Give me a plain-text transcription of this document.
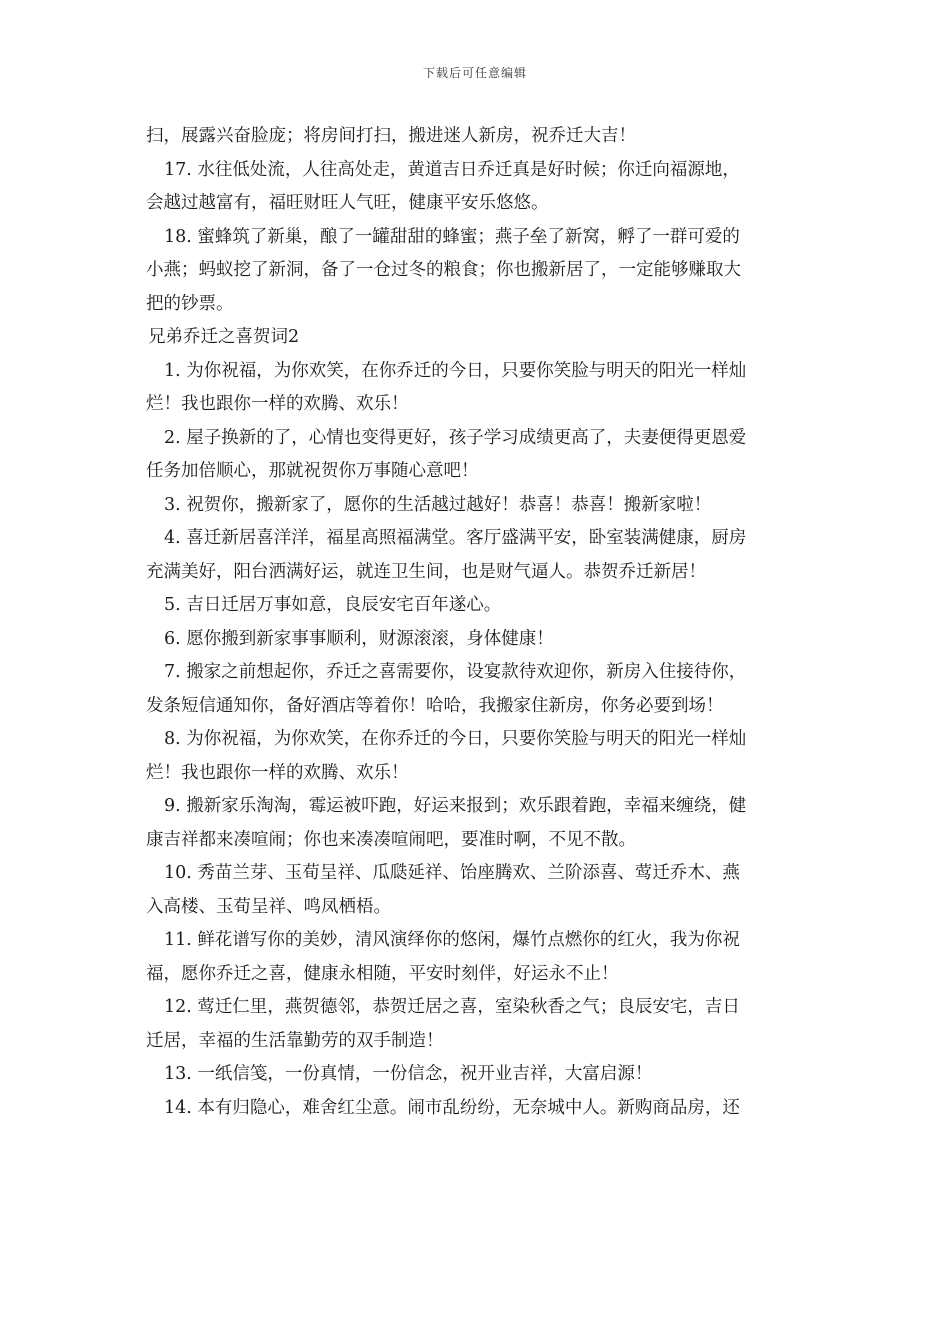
下载后可任意编辑
扫，展露兴奋脸庞；将房间打扫，搬进迷人新房，祝乔迁大吉！
17. 水往低处流，人往高处走，黄道吉日乔迁真是好时候；你迁向福源地，
会越过越富有，福旺财旺人气旺，健康平安乐悠悠。
18. 蜜蜂筑了新巢，酿了一罐甜甜的蜂蜜；燕子垒了新窝，孵了一群可爱的
小燕；蚂蚁挖了新洞，备了一仓过冬的粮食；你也搬新居了，一定能够赚取大
把的钞票。
兄弟乔迁之喜贺词2
1. 为你祝福，为你欢笑，在你乔迁的今日，只要你笑脸与明天的阳光一样灿
烂！我也跟你一样的欢腾、欢乐！
2. 屋子换新的了，心情也变得更好，孩子学习成绩更高了，夫妻便得更恩爱
任务加倍顺心，那就祝贺你万事随心意吧！
3. 祝贺你，搬新家了，愿你的生活越过越好！恭喜！恭喜！搬新家啦！
4. 喜迁新居喜洋洋，福星高照福满堂。客厅盛满平安，卧室装满健康，厨房
充满美好，阳台洒满好运，就连卫生间，也是财气逼人。恭贺乔迁新居！
5. 吉日迁居万事如意，良辰安宅百年遂心。
6. 愿你搬到新家事事顺利，财源滚滚，身体健康！
7. 搬家之前想起你，乔迁之喜需要你，设宴款待欢迎你，新房入住接待你，
发条短信通知你，备好酒店等着你！哈哈，我搬家住新房，你务必要到场！
8. 为你祝福，为你欢笑，在你乔迁的今日，只要你笑脸与明天的阳光一样灿
烂！我也跟你一样的欢腾、欢乐！
9. 搬新家乐淘淘，霉运被吓跑，好运来报到；欢乐跟着跑，幸福来缠绕，健
康吉祥都来凑喧闹；你也来凑凑喧闹吧，要准时啊，不见不散。
10. 秀苗兰芽、玉荀呈祥、瓜瓞延祥、饴座腾欢、兰阶添喜、莺迁乔木、燕
入高楼、玉荀呈祥、鸣凤栖梧。
11. 鲜花谱写你的美妙，清风演绎你的悠闲，爆竹点燃你的红火，我为你祝
福，愿你乔迁之喜，健康永相随，平安时刻伴，好运永不止！
12. 莺迁仁里，燕贺德邻，恭贺迁居之喜，室染秋香之气；良辰安宅，吉日
迁居，幸福的生活靠勤劳的双手制造！
13. 一纸信笺，一份真情，一份信念，祝开业吉祥，大富启源！
14. 本有归隐心，难舍红尘意。闹市乱纷纷，无奈城中人。新购商品房，还
